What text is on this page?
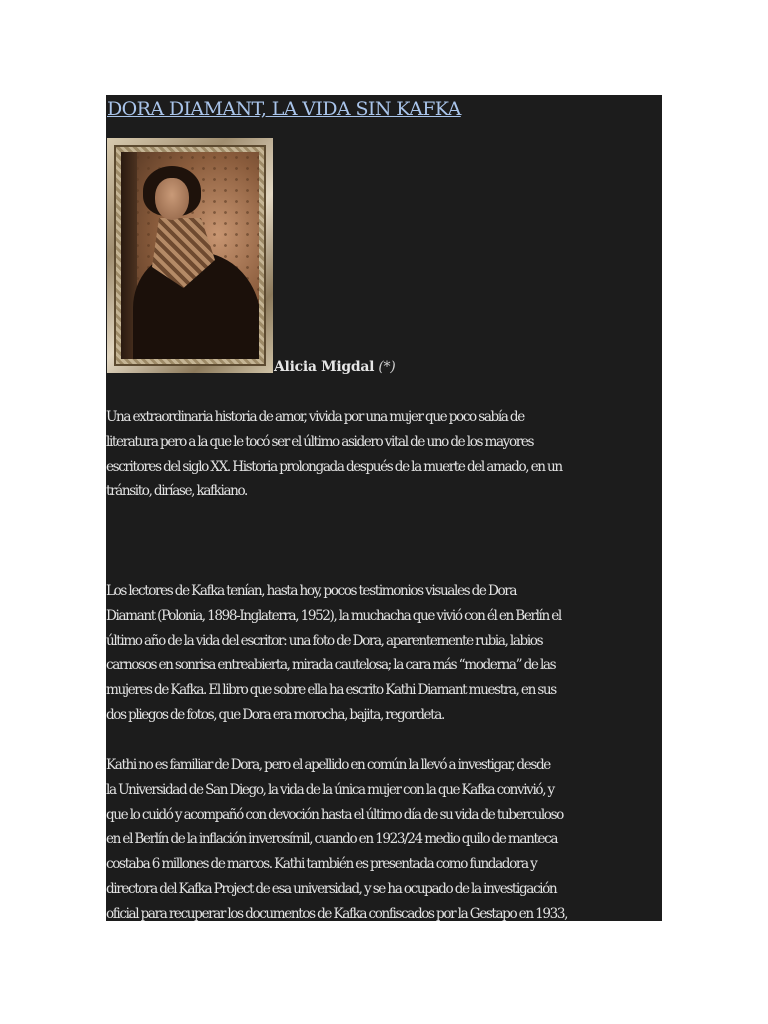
DORA DIAMANT, LA VIDA SIN KAFKA
Alicia Migdal (*)

Una extraordinaria historia de amor, vivida por una mujer que poco sabía de
literatura pero a la que le tocó ser el último asidero vital de uno de los mayores
escritores del siglo XX. Historia prolongada después de la muerte del amado, en un
tránsito, diríase, kafkiano.

Los lectores de Kafka tenían, hasta hoy, pocos testimonios visuales de Dora
Diamant (Polonia, 1898-Inglaterra, 1952), la muchacha que vivió con él en Berlín el
último año de la vida del escritor: una foto de Dora, aparentemente rubia, labios
carnosos en sonrisa entreabierta, mirada cautelosa; la cara más “moderna” de las
mujeres de Kafka. El libro que sobre ella ha escrito Kathi Diamant muestra, en sus
dos pliegos de fotos, que Dora era morocha, bajita, regordeta.

Kathi no es familiar de Dora, pero el apellido en común la llevó a investigar, desde
la Universidad de San Diego, la vida de la única mujer con la que Kafka convivió, y
que lo cuidó y acompañó con devoción hasta el último día de su vida de tuberculoso
en el Berlín de la inflación inverosímil, cuando en 1923/24 medio quilo de manteca
costaba 6 millones de marcos. Kathi también es presentada como fundadora y
directora del Kafka Project de esa universidad, y se ha ocupado de la investigación
oficial para recuperar los documentos de Kafka confiscados por la Gestapo en 1933,
